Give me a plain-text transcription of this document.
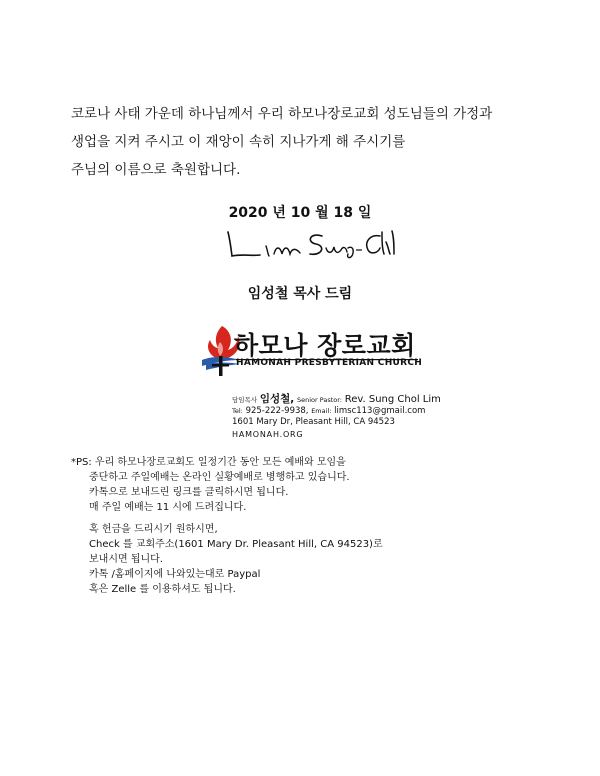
코로나 사태 가운데 하나님께서 우리 하모나장로교회 성도님들의 가정과
생업을 지켜 주시고 이 재앙이 속히 지나가게 해 주시기를
주님의 이름으로 축원합니다.
2020 년 10 월 18 일
임성철 목사 드림
하모나 장로교회
HAMONAH PRESBYTERIAN CHURCH
담임목사 임성철, Senior Pastor: Rev. Sung Chol Lim
Tel: 925-222-9938, Email: limsc113@gmail.com
1601 Mary Dr, Pleasant Hill, CA 94523
HAMONAH.ORG
*PS: 우리 하모나장로교회도 일정기간 동안 모든 예배와 모임을
중단하고 주일예배는 온라인 실황예배로 병행하고 있습니다.
카톡으로 보내드린 링크를 클릭하시면 됩니다.
매 주일 예배는 11 시에 드려집니다.
혹 헌금을 드리시기 원하시면,
Check 를 교회주소(1601 Mary Dr. Pleasant Hill, CA 94523)로
보내시면 됩니다.
카톡 /홈페이지에 나와있는대로 Paypal
혹은 Zelle 를 이용하셔도 됩니다.
